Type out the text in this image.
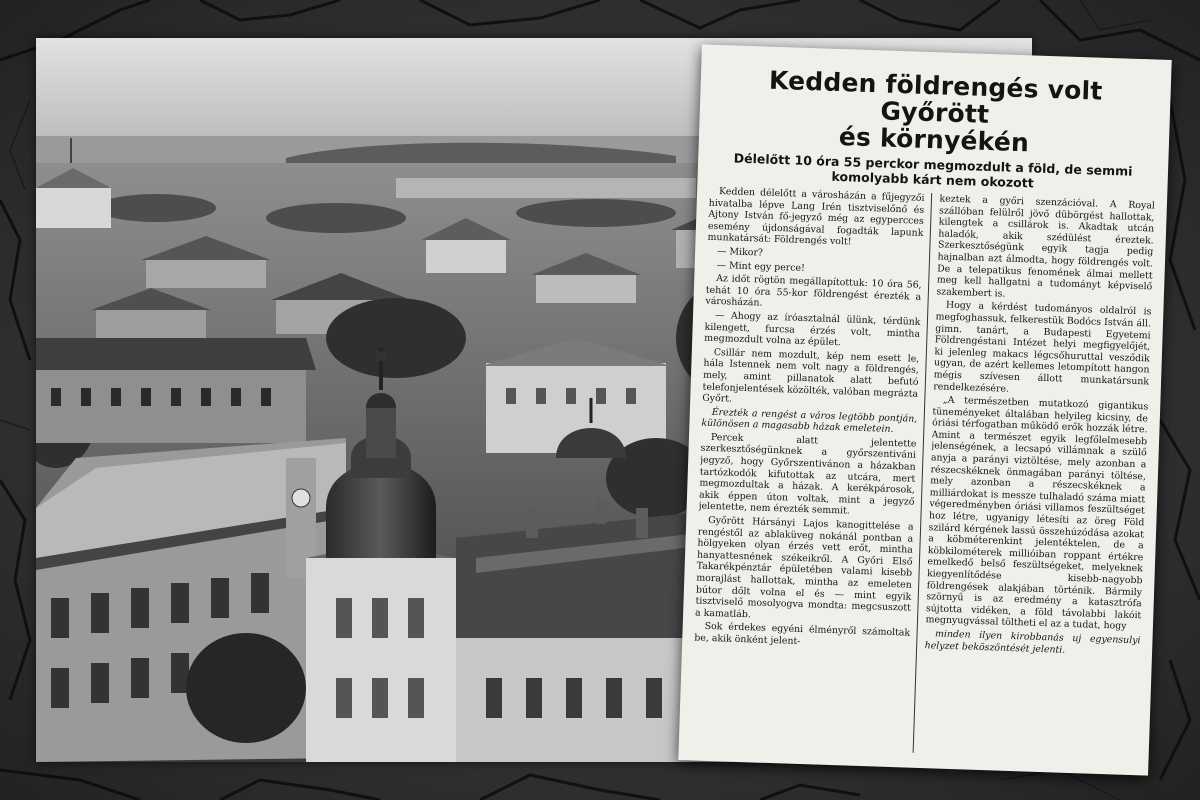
Kedden földrengés volt Győrött
és környékén
Délelőtt 10 óra 55 perckor megmozdult a föld, de semmi komolyabb kárt nem okozott

Kedden délelőtt a városházán a fűjegyzői hivatalba lépve Lang Irén tisztviselőnő és Ajtony István fő-jegyző még az egypercces esemény újdonságával fogadták lapunk munkatársát: Földrengés volt!

— Mikor?

— Mint egy perce!

Az időt rögtön megállapítottuk: 10 óra 56, tehát 10 óra 55-kor földrengést érezték a városházán.

— Ahogy az íróasztalnál ülünk, térdünk kilengett, furcsa érzés volt, mintha megmozdult volna az épület.

Csillár nem mozdult, kép nem esett le, hála Istennek nem volt nagy a földrengés, mely, amint pillanatok alatt befutó telefonjelentések közölték, valóban megrázta Győrt.

Érezték a rengést a város legtöbb pontján, különösen a magasabb házak emeletein.

Percek alatt jelentette szerkesztőségünknek a győrszentiváni jegyző, hogy Győrszentivánon a házakban tartózkodók kifutottak az utcára, mert megmozdultak a házak. A kerékpárosok, akik éppen úton voltak, mint a jegyző jelentette, nem érezték semmit.

Győrött Hársányi Lajos kanogittelése a rengéstől az ablaküveg nokánál pontban a hölgyeken olyan érzés vett erőt, mintha hanyattesnének székeikről. A Győri Első Takarékpénztár épületében valami kisebb morajlást hallottak, mintha az emeleten bútor dőlt volna el és — mint egyik tisztviselő mosolyogva mondta: megcsuszott a kamatláb.

Sok érdekes egyéni élményről számoltak be, akik önként jelent-

keztek a győri szenzációval. A Royal szállóban felülről jövő dübörgést hallottak, kilengtek a csillárok is. Akadtak utcán haladók, akik szédülést éreztek. Szerkesztőségünk egyik tagja pedig hajnalban azt álmodta, hogy földrengés volt. De a telepatikus fenomének álmai mellett meg kell hallgatni a tudományt képviselő szakembert is.

Hogy a kérdést tudományos oldalról is megfoghassuk, felkerestük Bodócs István áll. gimn. tanárt, a Budapesti Egyetemi Földrengéstani Intézet helyi megfigyelőjét, ki jelenleg makacs légcsőhuruttal vesződik ugyan, de azért kellemes letompított hangon mégis szívesen állott munkatársunk rendelkezésére.

„A természetben mutatkozó gigantikus tüneményeket általában helyileg kicsiny, de óriási térfogatban működő erők hozzák létre. Amint a természet egyik legfőlelmesebb jelenségének, a lecsapó villámnak a szülő anyja a parányi viztöltése, mely azonban a részecskéknek önmagában parányi töltése, mely azonban a részecskéknek a milliárdokat is messze tulhaladó száma miatt végeredményben óriási villamos feszültséget hoz létre, ugyanigy létesíti az öreg Föld szilárd kérgének lassú összehúzódása azokat a köbméterenkint jelentéktelen, de a köbkilométerek millióiban roppant értékre emelkedő belső feszültségeket, melyeknek kiegyenlítődése kisebb-nagyobb földrengések alakjában történik. Bármily szörnyű is az eredmény a katasztrófa sújtotta vidéken, a föld távolabbi lakóit megnyugvással töltheti el az a tudat, hogy

minden ilyen kirobbanás uj egyensulyi helyzet beköszöntését jelenti.
